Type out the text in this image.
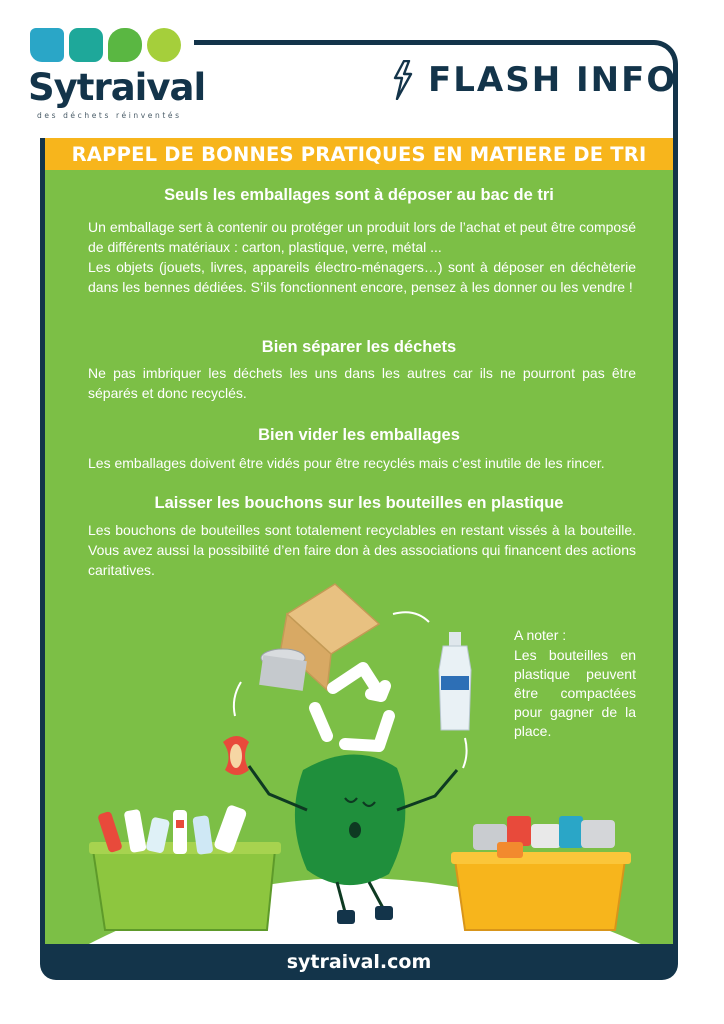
Sytraival
des déchets réinventés
FLASH INFO
RAPPEL DE BONNES PRATIQUES EN MATIERE DE TRI
Seuls les emballages sont à déposer au bac de tri
Un emballage sert à contenir ou protéger un produit lors de l’achat et peut être composé de différents matériaux : carton, plastique, verre, métal ...
Les objets (jouets, livres, appareils électro-ménagers…) sont à déposer en déchèterie dans les bennes dédiées. S’ils fonctionnent encore, pensez à les donner ou les vendre !
Bien séparer les déchets
Ne pas imbriquer les déchets les uns dans les autres car ils ne pourront pas être séparés et donc recyclés.
Bien vider les emballages
Les emballages doivent être vidés pour être recyclés mais c’est inutile de les rincer.
Laisser les bouchons sur les bouteilles en plastique
Les bouchons de bouteilles sont totalement recyclables en restant vissés à la bouteille. Vous avez aussi la possibilité d’en faire don à des associations qui financent des actions caritatives.
A noter :
Les bouteilles en plastique peuvent être compactées pour gagner de la place.
sytraival.com
